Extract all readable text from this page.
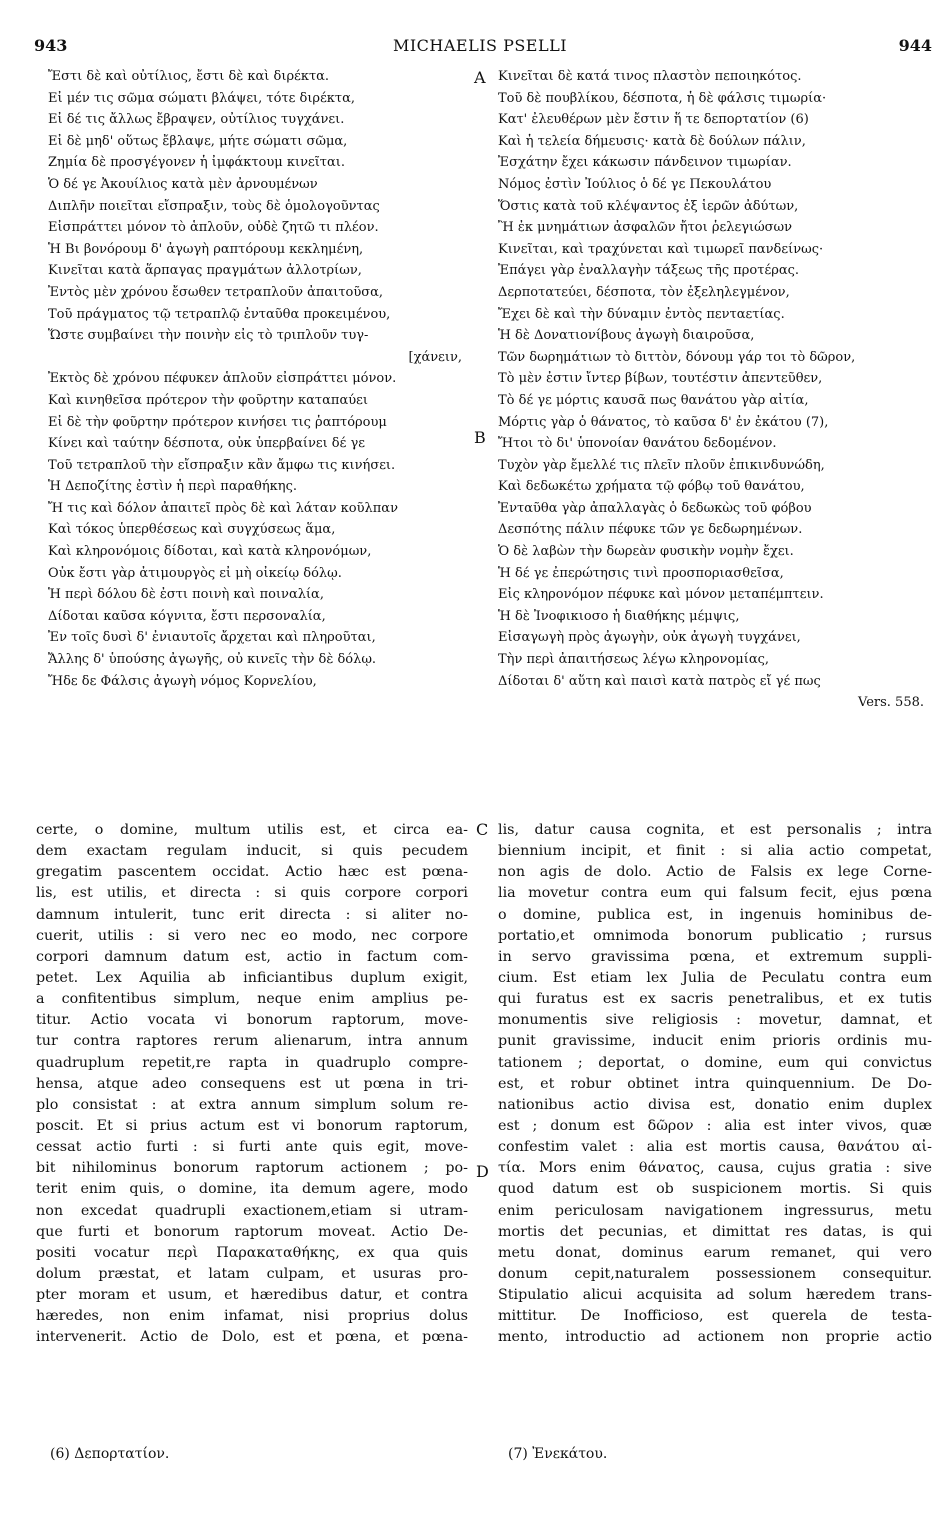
943	MICHAELIS PSELLI	944
A
B
C
D
Ἔστι δὲ καὶ οὐτίλιος, ἔστι δὲ καὶ διρέκτα.
Εἰ μέν τις σῶμα σώματι βλάψει, τότε διρέκτα,
Εἰ δέ τις ἄλλως ἔβραψεν, οὐτίλιος τυγχάνει.
Εἰ δὲ μηδ' οὕτως ἔβλαψε, μήτε σώματι σῶμα,
Ζημία δὲ προσγέγονεν ἡ ἰμφάκτουμ κινεῖται.
Ὁ δέ γε Ἀκουίλιος κατὰ μὲν ἀρνουμένων
Διπλῆν ποιεῖται εἴσπραξιν, τοὺς δὲ ὁμολογοῦντας
Εἰσπράττει μόνον τὸ ἁπλοῦν, οὐδὲ ζητῶ τι πλέον.
Ἡ Βι βονόρουμ δ' ἀγωγὴ ραπτόρουμ κεκλημένη,
Κινεῖται κατὰ ἅρπαγας πραγμάτων ἀλλοτρίων,
Ἐντὸς μὲν χρόνου ἔσωθεν τετραπλοῦν ἀπαιτοῦσα,
Τοῦ πράγματος τῷ τετραπλῷ ἐνταῦθα προκειμένου,
Ὥστε συμβαίνει τὴν ποινὴν εἰς τὸ τριπλοῦν τυγ-
[χάνειν,
Ἐκτὸς δὲ χρόνου πέφυκεν ἁπλοῦν εἰσπράττει μόνον.
Καὶ κινηθεῖσα πρότερον τὴν φοῦρτην καταπαύει
Εἰ δὲ τὴν φοῦρτην πρότερον κινήσει τις ῥαπτόρουμ
Κίνει καὶ ταύτην δέσποτα, οὐκ ὑπερβαίνει δέ γε
Τοῦ τετραπλοῦ τὴν εἴσπραξιν κἂν ἄμφω τις κινήσει.
Ἡ Δεποζίτης ἐστὶν ἡ περὶ παραθήκης.
Ἤ τις καὶ δόλον ἀπαιτεῖ πρὸς δὲ καὶ λάταν κοῦλπαν
Καὶ τόκος ὑπερθέσεως καὶ συγχύσεως ἅμα,
Καὶ κληρονόμοις δίδοται, καὶ κατὰ κληρονόμων,
Οὐκ ἔστι γὰρ ἀτιμουργὸς εἰ μὴ οἰκείῳ δόλῳ.
Ἡ περὶ δόλου δὲ ἐστι ποινὴ καὶ ποιναλία,
Δίδοται καῦσα κόγνιτα, ἔστι περσοναλία,
Ἐν τοῖς δυσὶ δ' ἐνιαυτοῖς ἄρχεται καὶ πληροῦται,
Ἄλλης δ' ὑπούσης ἀγωγῆς, οὐ κινεῖς τὴν δὲ δόλῳ.
Ἤδε δε Φάλσις ἀγωγὴ νόμος Κορνελίου,
Κινεῖται δὲ κατά τινος πλαστὸν πεποιηκότος.
Τοῦ δὲ πουβλίκου, δέσποτα, ἡ δὲ φάλσις τιμωρία·
Κατ' ἐλευθέρων μὲν ἔστιν ἥ τε δεπορτατίον (6)
Καὶ ἡ τελεία δήμευσις· κατὰ δὲ δούλων πάλιν,
Ἐσχάτην ἔχει κάκωσιν πάνδεινον τιμωρίαν.
Νόμος ἐστὶν Ἰούλιος ὁ δέ γε Πεκουλάτου
Ὅστις κατὰ τοῦ κλέψαντος ἐξ ἱερῶν ἀδύτων,
Ἢ ἐκ μνημάτιων ἀσφαλῶν ἤτοι ῥελεγιώσων
Κινεῖται, καὶ τραχύνεται καὶ τιμωρεῖ πανδείνως·
Ἐπάγει γὰρ ἐναλλαγὴν τάξεως τῆς προτέρας.
Δερποτατεύει, δέσποτα, τὸν ἐξεληλεγμένον,
Ἔχει δὲ καὶ τὴν δύναμιν ἐντὸς πενταετίας.
Ἡ δὲ Δονατιονίβους ἀγωγὴ διαιροῦσα,
Τῶν δωρημάτιων τὸ διττὸν, δόνουμ γάρ τοι τὸ δῶρον,
Τὸ μὲν ἐστιν ἴντερ βίβων, τουτέστιν ἀπεντεῦθεν,
Τὸ δέ γε μόρτις καυσᾶ πως θανάτου γὰρ αἰτία,
Μόρτις γὰρ ὁ θάνατος, τὸ καῦσα δ' ἐν ἐκάτου (7),
Ἤτοι τὸ δι' ὑπονοίαν θανάτου δεδομένον.
Τυχὸν γὰρ ἔμελλέ τις πλεῖν πλοῦν ἐπικινδυνώδη,
Καὶ δεδωκέτω χρήματα τῷ φόβῳ τοῦ θανάτου,
Ἐνταῦθα γὰρ ἀπαλλαγὰς ὁ δεδωκὼς τοῦ φόβου
Δεσπότης πάλιν πέφυκε τῶν γε δεδωρημένων.
Ὁ δὲ λαβὼν τὴν δωρεὰν φυσικὴν νομὴν ἔχει.
Ἡ δέ γε ἐπερώτησις τινὶ προσποριασθεῖσα,
Εἰς κληρονόμον πέφυκε καὶ μόνον μεταπέμπτειν.
Ἡ δὲ Ἰνοφικιοσο ἡ διαθήκης μέμψις,
Εἰσαγωγὴ πρὸς ἀγωγὴν, οὐκ ἀγωγὴ τυγχάνει,
Τὴν περὶ ἀπαιτήσεως λέγω κληρονομίας,
Δίδοται δ' αὕτη καὶ παισὶ κατὰ πατρὸς εἴ γέ πως
Vers. 558.
certe, o domine, multum utilis est, et circa ea-
dem exactam regulam inducit, si quis pecudem
gregatim pascentem occidat. Actio hæc est pœna-
lis, est utilis, et directa : si quis corpore corpori
damnum intulerit, tunc erit directa : si aliter no-
cuerit, utilis : si vero nec eo modo, nec corpore
corpori damnum datum est, actio in factum com-
petet. Lex Aquilia ab inficiantibus duplum exigit,
a confitentibus simplum, neque enim amplius pe-
titur. Actio vocata vi bonorum raptorum, move-
tur contra raptores rerum alienarum, intra annum
quadruplum repetit,re rapta in quadruplo compre-
hensa, atque adeo consequens est ut pœna in tri-
plo consistat : at extra annum simplum solum re-
poscit. Et si prius actum est vi bonorum raptorum,
cessat actio furti : si furti ante quis egit, move-
bit nihilominus bonorum raptorum actionem ; po-
terit enim quis, o domine, ita demum agere, modo
non excedat quadrupli exactionem,etiam si utram-
que furti et bonorum raptorum moveat. Actio De-
positi vocatur περὶ Παρακαταθήκης, ex qua quis
dolum præstat, et latam culpam, et usuras pro-
pter moram et usum, et hæredibus datur, et contra
hæredes, non enim infamat, nisi proprius dolus
intervenerit. Actio de Dolo, est et pœna, et pœna-
lis, datur causa cognita, et est personalis ; intra
biennium incipit, et finit : si alia actio competat,
non agis de dolo. Actio de Falsis ex lege Corne-
lia movetur contra eum qui falsum fecit, ejus pœna
o domine, publica est, in ingenuis hominibus de-
portatio,et omnimoda bonorum publicatio ; rursus
in servo gravissima pœna, et extremum suppli-
cium. Est etiam lex Julia de Peculatu contra eum
qui furatus est ex sacris penetralibus, et ex tutis
monumentis sive religiosis : movetur, damnat, et
punit gravissime, inducit enim prioris ordinis mu-
tationem ; deportat, o domine, eum qui convictus
est, et robur obtinet intra quinquennium. De Do-
nationibus actio divisa est, donatio enim duplex
est ; donum est δῶρον : alia est inter vivos, quæ
confestim valet : alia est mortis causa, θανάτου αἰ-
τία. Mors enim θάνατος, causa, cujus gratia : sive
quod datum est ob suspicionem mortis. Si quis
enim periculosam navigationem ingressurus, metu
mortis det pecunias, et dimittat res datas, is qui
metu donat, dominus earum remanet, qui vero
donum cepit,naturalem possessionem consequitur.
Stipulatio alicui acquisita ad solum hæredem trans-
mittitur. De Inofficioso, est querela de testa-
mento, introductio ad actionem non proprie actio
(6) Δεπορτατίον.	(7) Ἐνεκάτου.
